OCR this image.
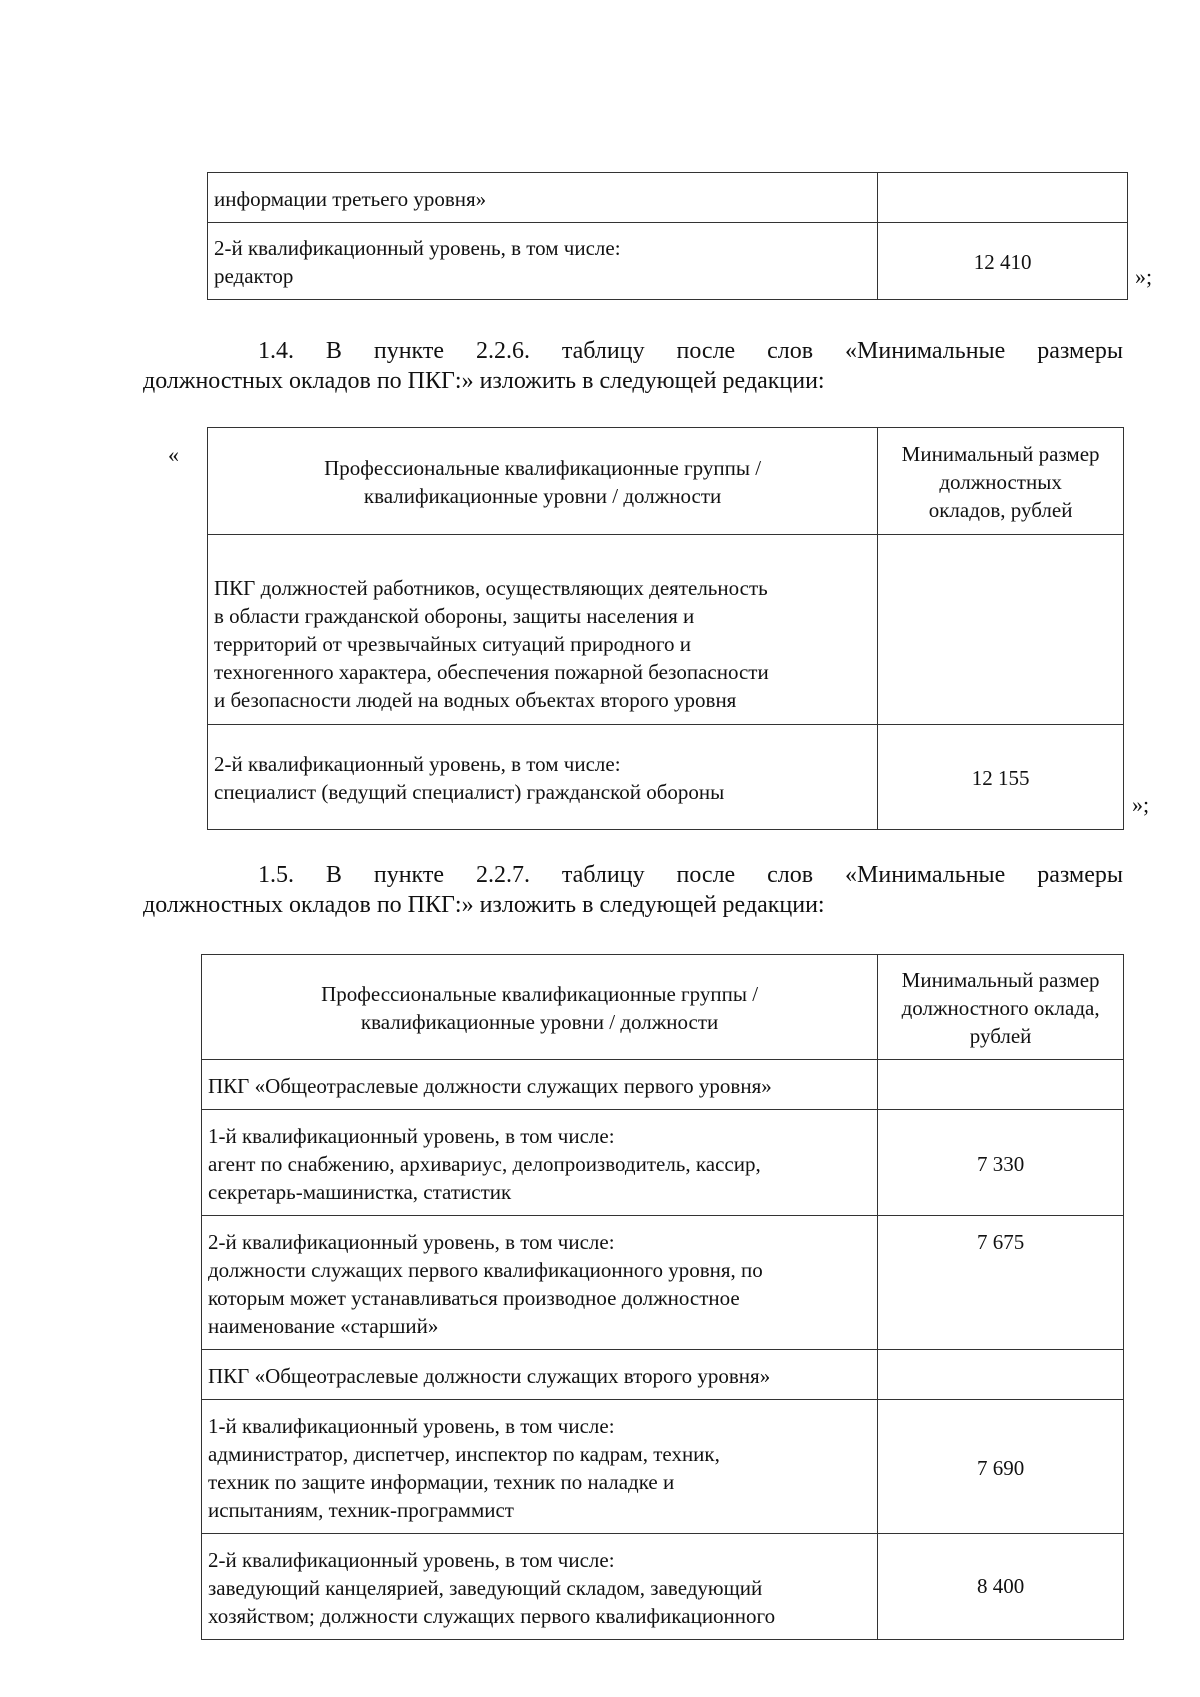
информации третьего уровня»	

2-й квалификационный уровень, в том числе:
редактор	12 410
»;
1.4. В пункте 2.2.6. таблицу после слов «Минимальные размеры
должностных окладов по ПКГ:» изложить в следующей редакции:
«
Профессиональные квалификационные группы /
квалификационные уровни / должности	Минимальный размер
должностных
окладов, рублей

ПКГ должностей работников, осуществляющих деятельность
в области гражданской обороны, защиты населения и
территорий от чрезвычайных ситуаций природного и
техногенного характера, обеспечения пожарной безопасности
и безопасности людей на водных объектах второго уровня	

2-й квалификационный уровень, в том числе:
специалист (ведущий специалист) гражданской обороны	12 155
»;
1.5. В пункте 2.2.7. таблицу после слов «Минимальные размеры
должностных окладов по ПКГ:» изложить в следующей редакции:
Профессиональные квалификационные группы /
квалификационные уровни / должности	Минимальный размер
должностного оклада,
рублей

ПКГ «Общеотраслевые должности служащих первого уровня»	

1-й квалификационный уровень, в том числе:
агент по снабжению, архивариус, делопроизводитель, кассир,
секретарь-машинистка, статистик	7 330

2-й квалификационный уровень, в том числе:
должности служащих первого квалификационного уровня, по
которым может устанавливаться производное должностное
наименование «старший»	7 675

ПКГ «Общеотраслевые должности служащих второго уровня»	

1-й квалификационный уровень, в том числе:
администратор, диспетчер, инспектор по кадрам, техник,
техник по защите информации, техник по наладке и
испытаниям, техник-программист	7 690

2-й квалификационный уровень, в том числе:
заведующий канцелярией, заведующий складом, заведующий
хозяйством; должности служащих первого квалификационного	8 400
